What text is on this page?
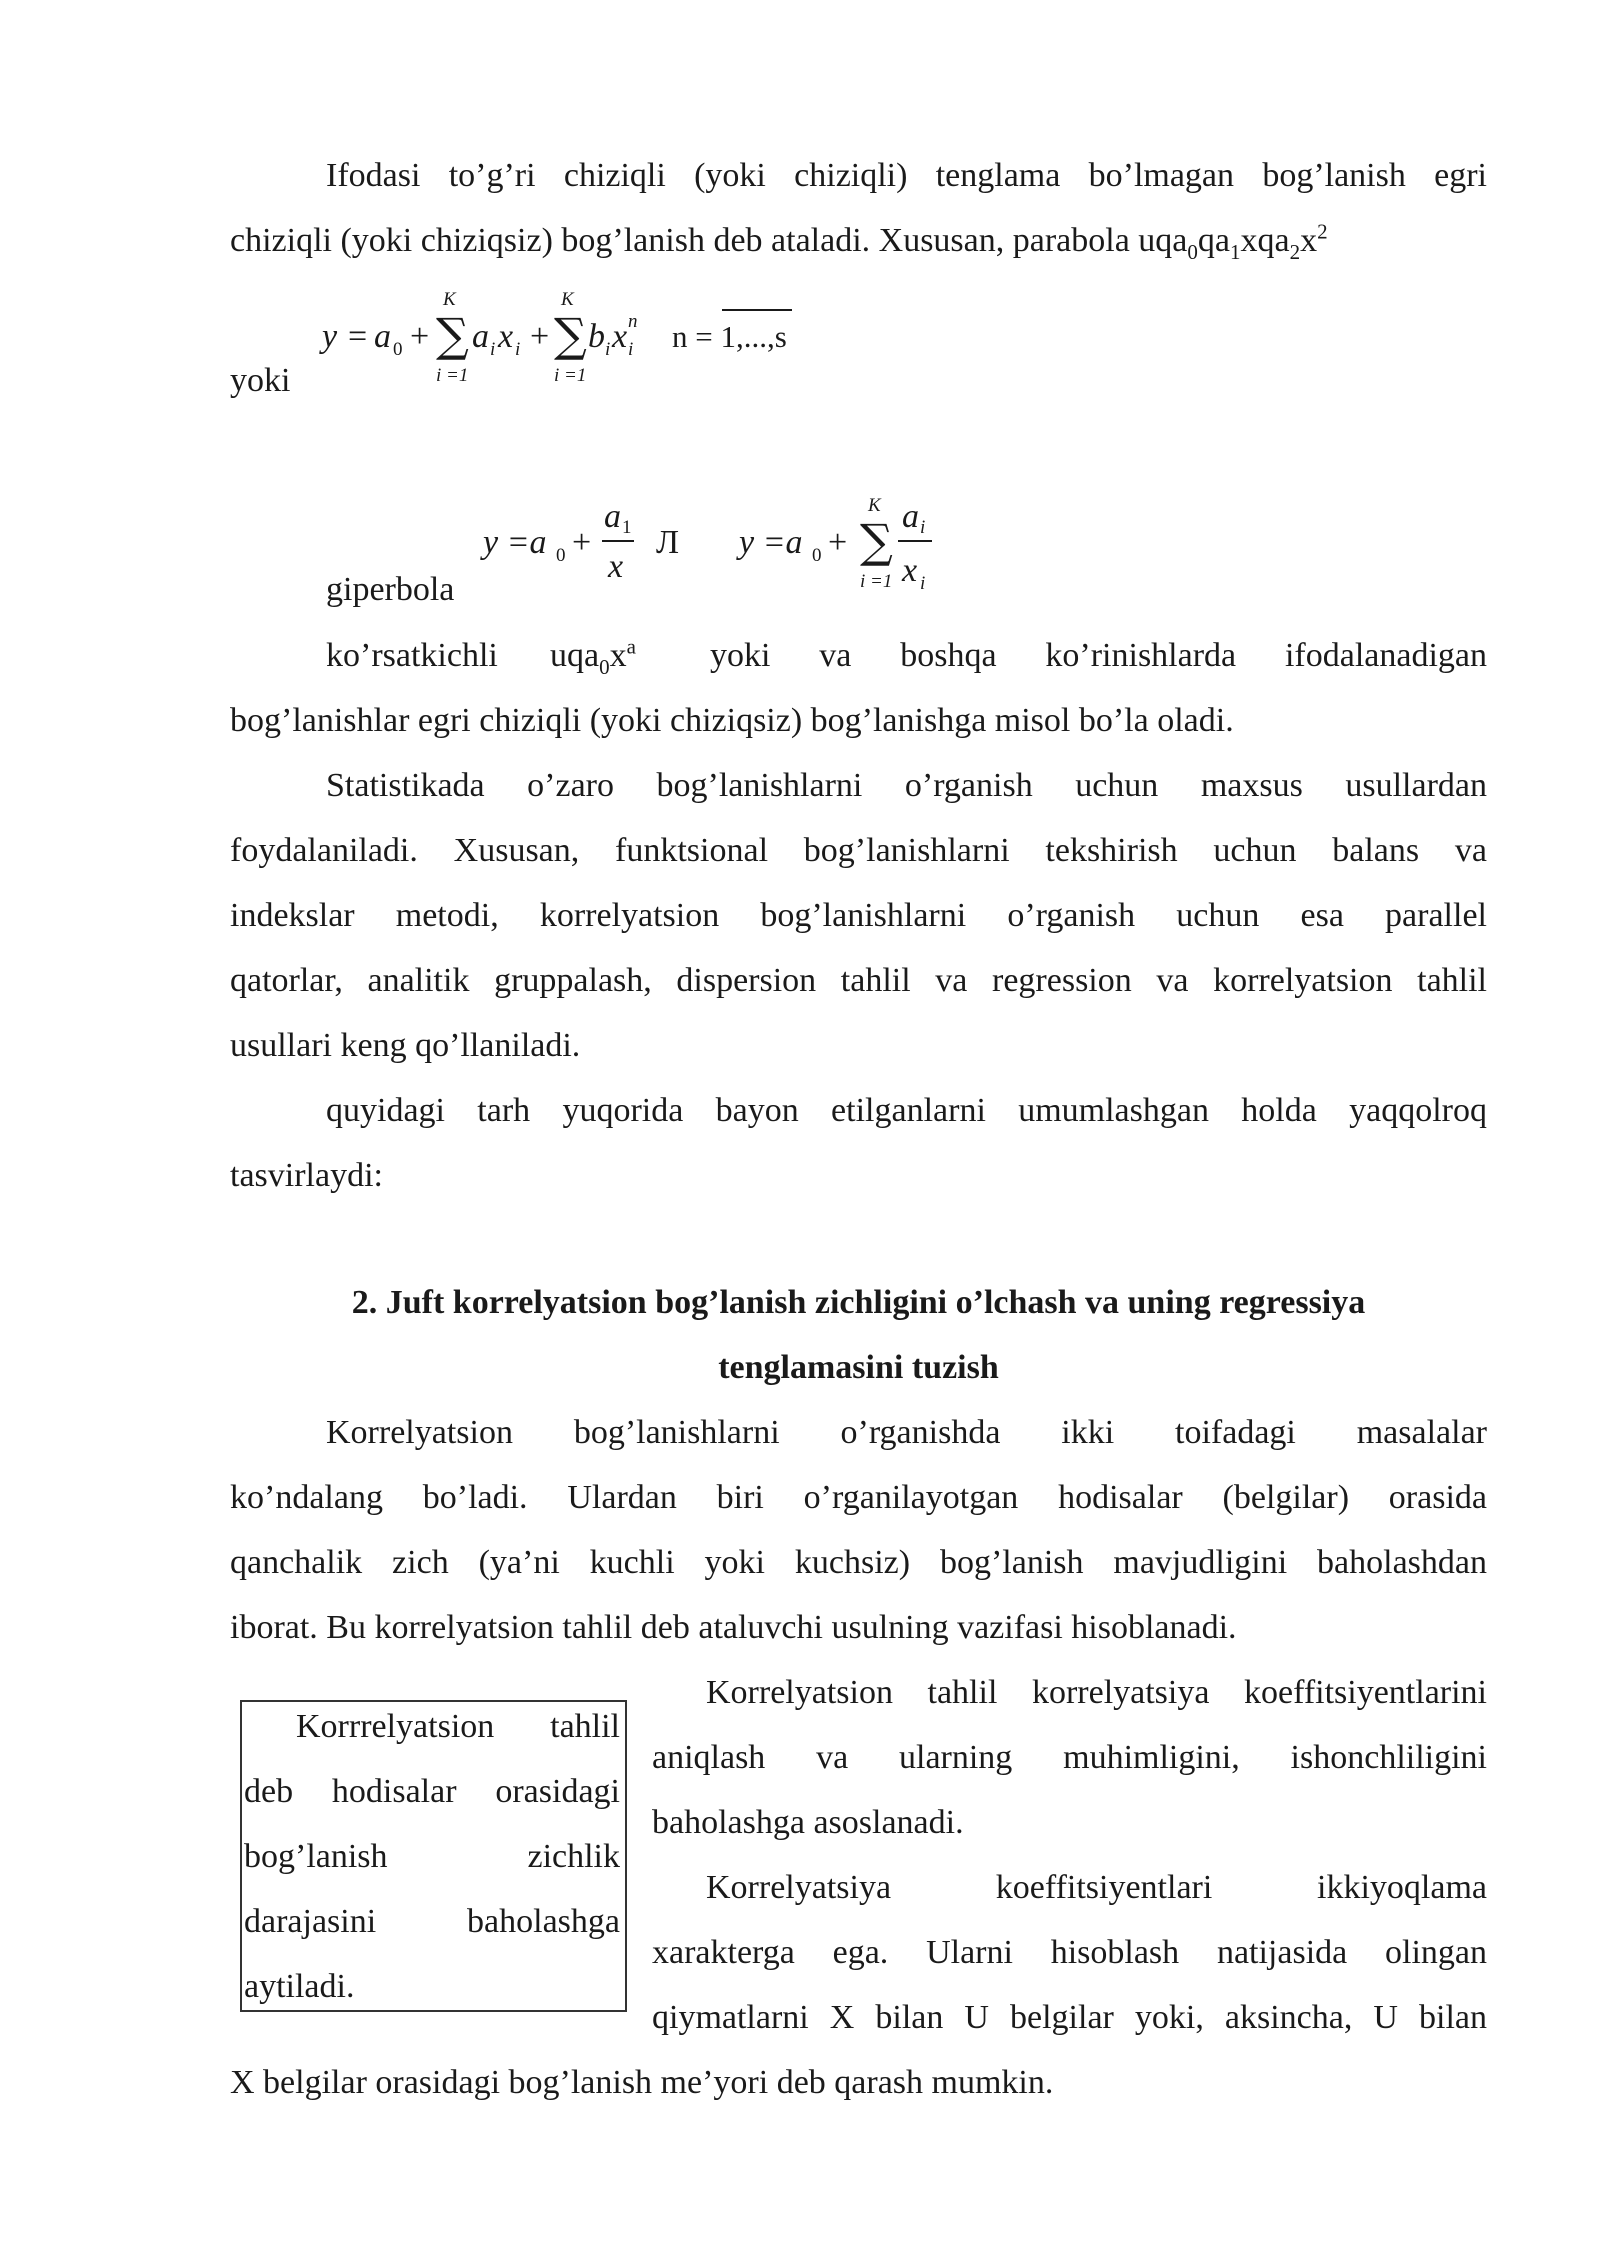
Ifodasi to’g’ri chiziqli (yoki chiziqli) tenglama bo’lmagan bog’lanish egri
chiziqli (yoki chiziqsiz) bog’lanish deb ataladi. Xususan, parabola $uqa_0qa_1xqa_2x^2$
y = a 0 +
K
∑
i =1
a i x i +
K
∑
i =1
b i x n
i n = 1,...,s
yoki
y =a 0 +
a 1
x
Л y =a 0 +
K
∑
i =1
a i
x i
giperbola
ko’rsatkichli $uqa_0x^a$ yoki va boshqa ko’rinishlarda ifodalanadigan
bog’lanishlar egri chiziqli (yoki chiziqsiz) bog’lanishga misol bo’la oladi.
Statistikada o’zaro bog’lanishlarni o’rganish uchun maxsus usullardan
foydalaniladi. Xususan, funktsional bog’lanishlarni tekshirish uchun balans va
indekslar metodi, korrelyatsion bog’lanishlarni o’rganish uchun esa parallel
qatorlar, analitik gruppalash, dispersion tahlil va regression va korrelyatsion tahlil
usullari keng qo’llaniladi.
quyidagi tarh yuqorida bayon etilganlarni umumlashgan holda yaqqolroq
tasvirlaydi:
2. Juft korrelyatsion bog’lanish zichligini o’lchash va uning regressiya
tenglamasini tuzish
Korrelyatsion bog’lanishlarni o’rganishda ikki toifadagi masalalar
ko’ndalang bo’ladi. Ulardan biri o’rganilayotgan hodisalar (belgilar) orasida
qanchalik zich (ya’ni kuchli yoki kuchsiz) bog’lanish mavjudligini baholashdan
iborat. Bu korrelyatsion tahlil deb ataluvchi usulning vazifasi hisoblanadi.
Korrrelyatsion tahlil
deb hodisalar orasidagi
bog’lanish zichlik
darajasini baholashga
aytiladi.
Korrelyatsion tahlil korrelyatsiya koeffitsiyentlarini
aniqlash va ularning muhimligini, ishonchliligini
baholashga asoslanadi.
Korrelyatsiya koeffitsiyentlari ikkiyoqlama
xarakterga ega. Ularni hisoblash natijasida olingan
qiymatlarni X bilan U belgilar yoki, aksincha, U bilan
X belgilar orasidagi bog’lanish me’yori deb qarash mumkin.
